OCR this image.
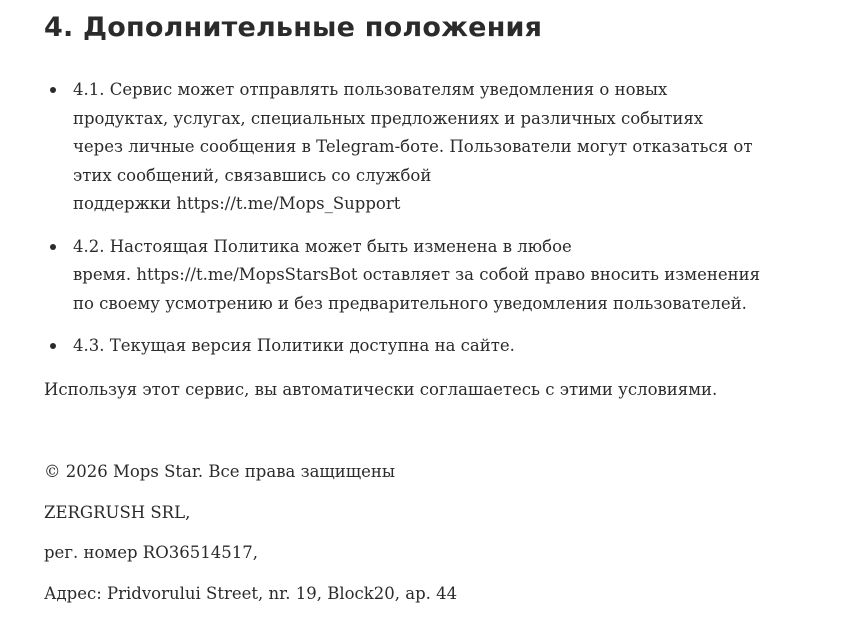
4. Дополнительные положения
4.1. Сервис может отправлять пользователям уведомления о новых
продуктах, услугах, специальных предложениях и различных событиях
через личные сообщения в Telegram-боте. Пользователи могут отказаться от
этих сообщений, связавшись со службой
поддержки https://t.me/Mops_Support
4.2. Настоящая Политика может быть изменена в любое
время. https://t.me/MopsStarsBot оставляет за собой право вносить изменения
по своему усмотрению и без предварительного уведомления пользователей.
4.3. Текущая версия Политики доступна на сайте.

Используя этот сервис, вы автоматически соглашаетесь с этими условиями.

© 2026 Mops Star. Все права защищены

ZERGRUSH SRL,

рег. номер RO36514517,

Адрес: Pridvorului Street, nr. 19, Block20, ap. 44
